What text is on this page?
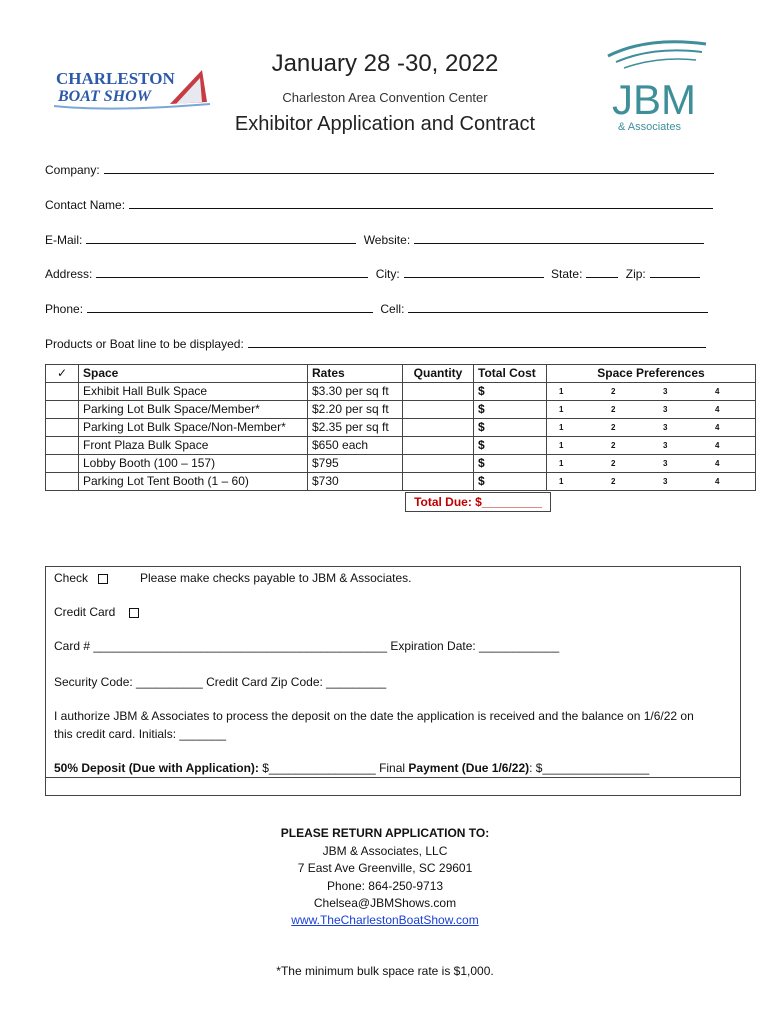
CHARLESTON
BOAT SHOW
January 28 -30, 2022
Charleston Area Convention Center
Exhibitor Application and Contract
JBM
& Associates
Company:
Contact Name:
E-Mail:	Website:
Address:	City:	State:	Zip:
Phone:	Cell:
Products or Boat line to be displayed:
✓	Space	Rates	Quantity	Total Cost	Space Preferences			
	Exhibit Hall Bulk Space	$3.30 per sq ft		$	1	2	3	4
	Parking Lot Bulk Space/Member*	$2.20 per sq ft		$	1	2	3	4
	Parking Lot Bulk Space/Non-Member*	$2.35 per sq ft		$	1	2	3	4
	Front Plaza Bulk Space	$650 each		$	1	2	3	4
	Lobby Booth (100 – 157)	$795		$	1	2	3	4
	Parking Lot Tent Booth (1 – 60)	$730		$	1	2	3	4
Total Due: $_________
Check	Please make checks payable to JBM & Associates.
Credit Card
Card # ____________________________________________ Expiration Date: ____________
Security Code: __________ Credit Card Zip Code: _________
I authorize JBM & Associates to process the deposit on the date the application is received and the balance on 1/6/22 on
this credit card. Initials: _______
50% Deposit (Due with Application): $________________ Final Payment (Due 1/6/22): $________________
PLEASE RETURN APPLICATION TO:
JBM & Associates, LLC
7 East Ave Greenville, SC 29601
Phone: 864-250-9713
Chelsea@JBMShows.com
www.TheCharlestonBoatShow.com
*The minimum bulk space rate is $1,000.
